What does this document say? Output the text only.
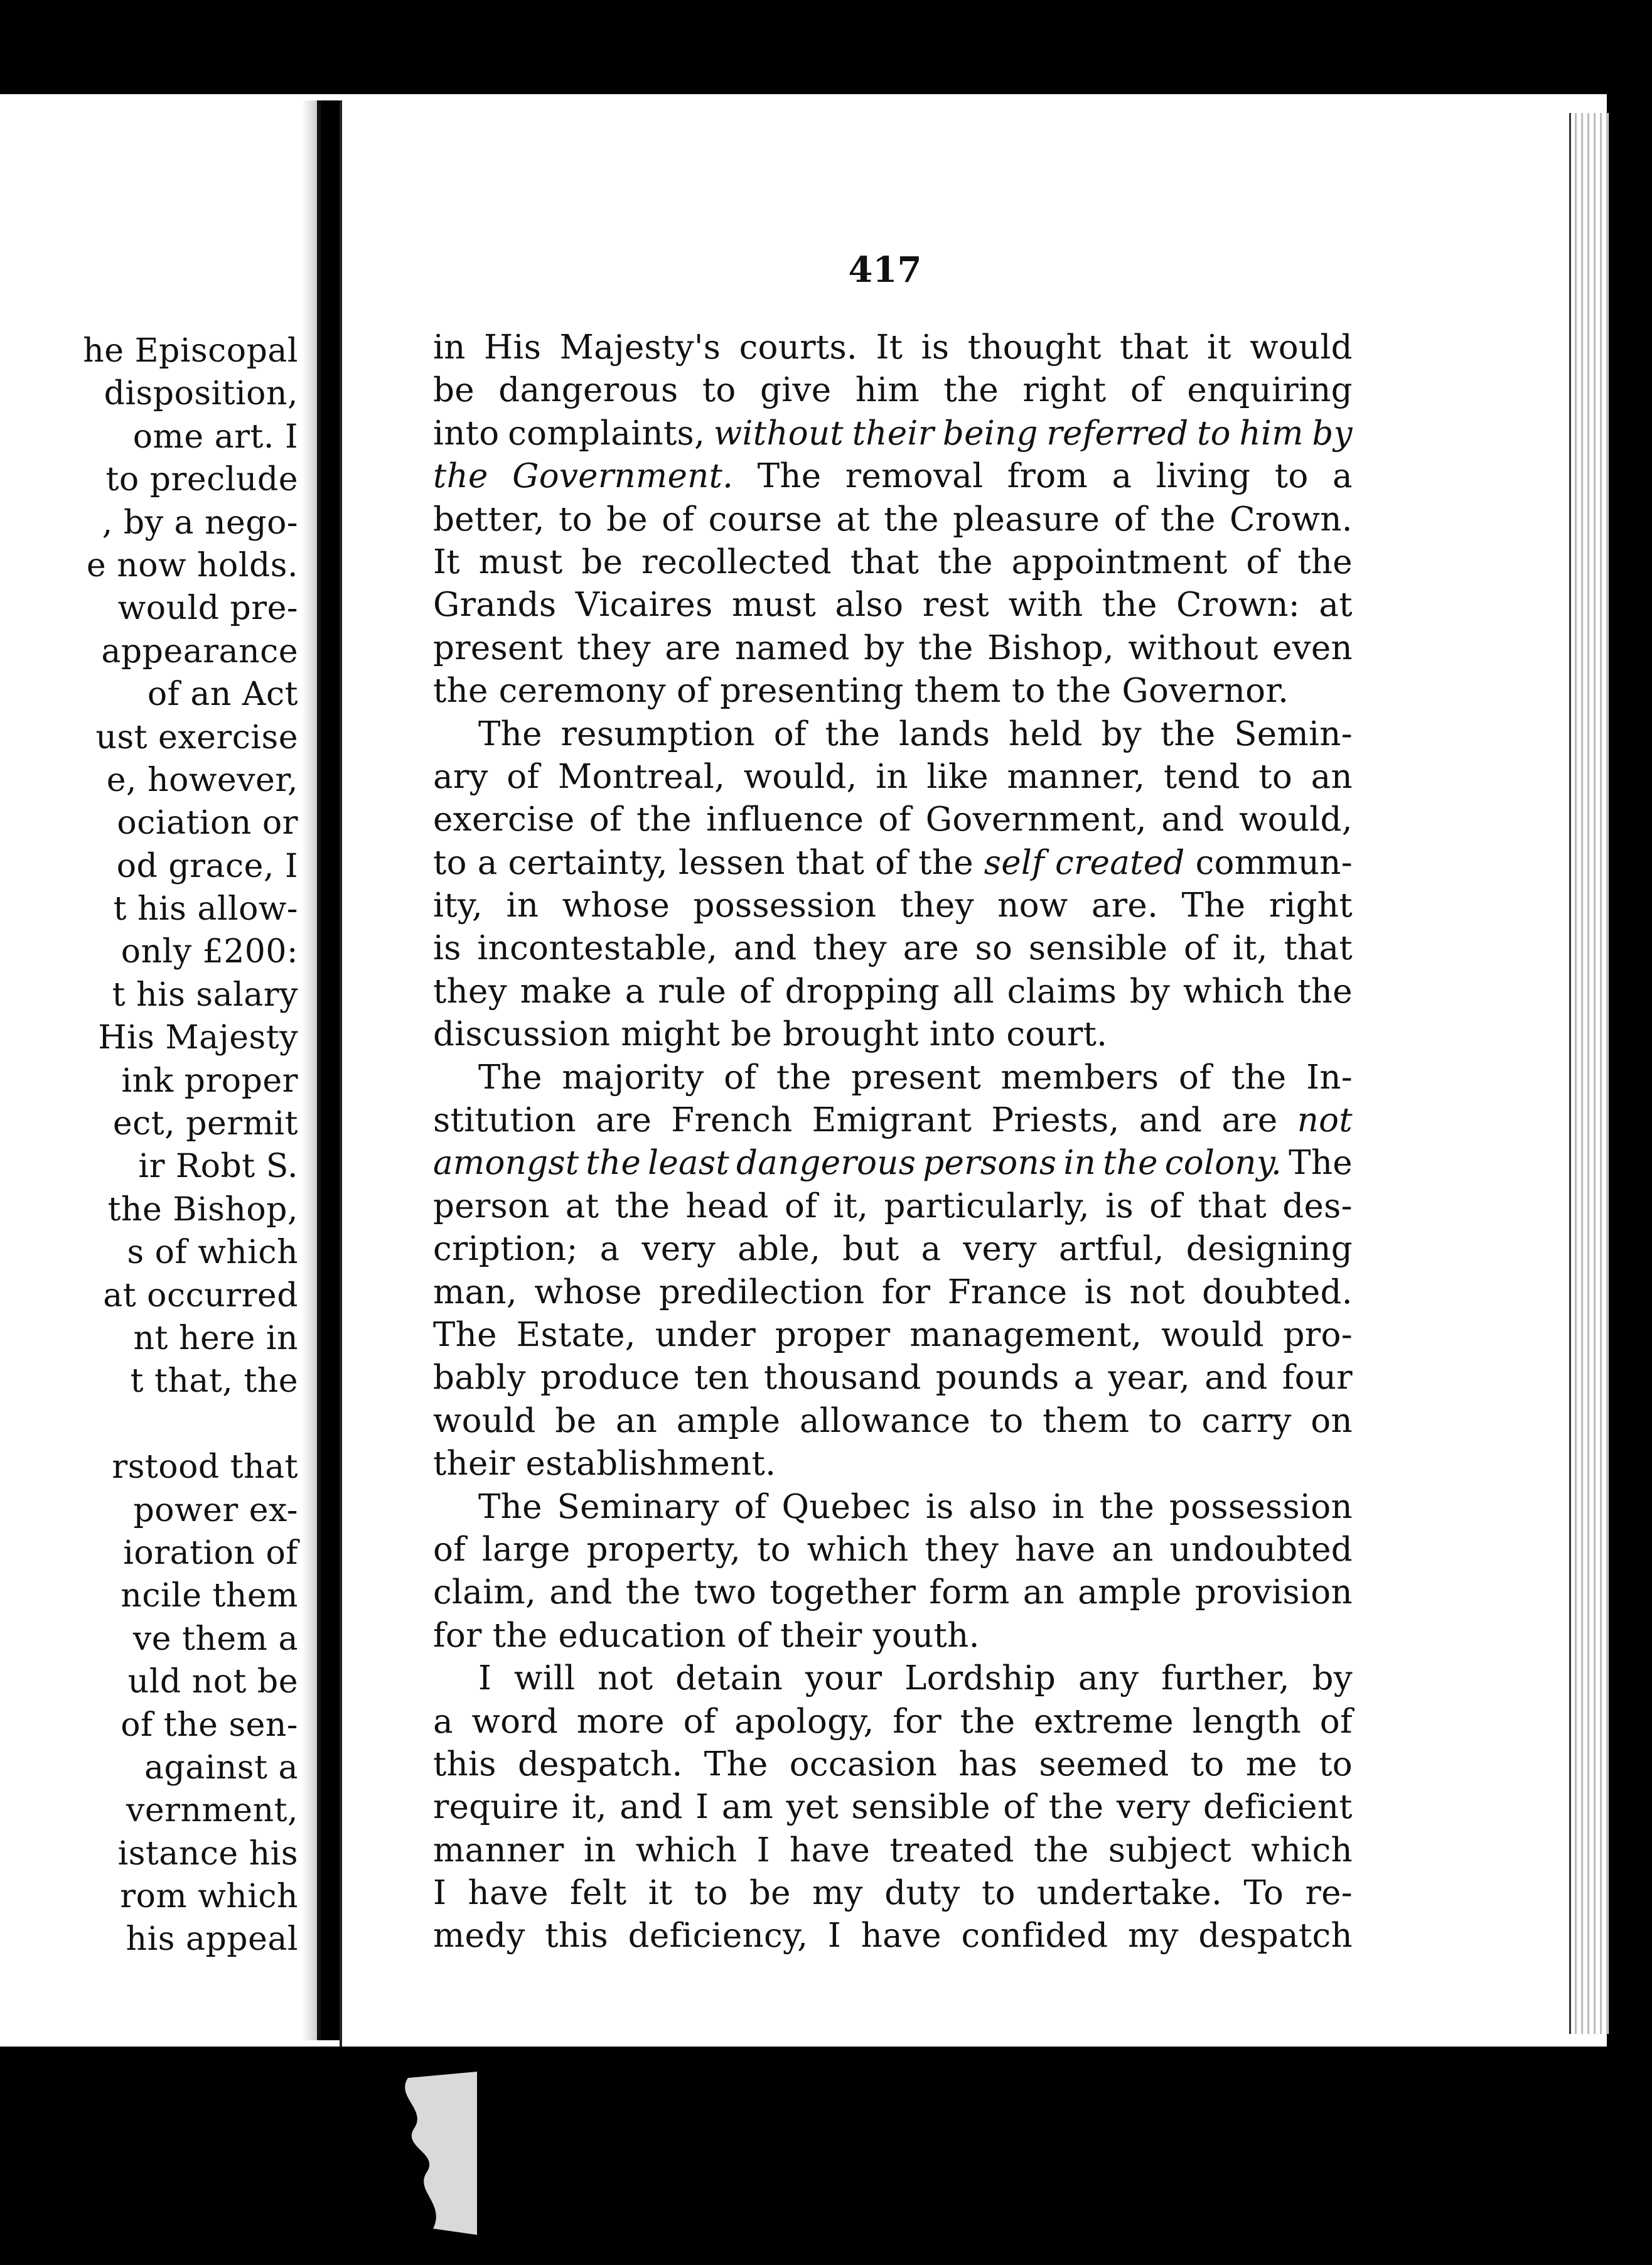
he Episcopal
disposition,
ome art. I
to preclude
, by a nego-
e now holds.
would pre-
appearance
of an Act
ust exercise
e, however,
ociation or
od grace, I
t his allow-
only £200:
t his salary
His Majesty
ink proper
ect, permit
ir Robt S.
the Bishop,
s of which
at occurred
nt here in
t that, the
rstood that
power ex-
ioration of
ncile them
ve them a
uld not be
of the sen-
against a
vernment,
istance his
rom which
his appeal
417
in His Majesty's courts. It is thought that it would
be dangerous to give him the right of enquiring
into complaints, without their being referred to him by
the Government. The removal from a living to a
better, to be of course at the pleasure of the Crown.
It must be recollected that the appointment of the
Grands Vicaires must also rest with the Crown: at
present they are named by the Bishop, without even
the ceremony of presenting them to the Governor.
The resumption of the lands held by the Semin-
ary of Montreal, would, in like manner, tend to an
exercise of the influence of Government, and would,
to a certainty, lessen that of the self created commun-
ity, in whose possession they now are. The right
is incontestable, and they are so sensible of it, that
they make a rule of dropping all claims by which the
discussion might be brought into court.
The majority of the present members of the In-
stitution are French Emigrant Priests, and are not
amongst the least dangerous persons in the colony. The
person at the head of it, particularly, is of that des-
cription; a very able, but a very artful, designing
man, whose predilection for France is not doubted.
The Estate, under proper management, would pro-
bably produce ten thousand pounds a year, and four
would be an ample allowance to them to carry on
their establishment.
The Seminary of Quebec is also in the possession
of large property, to which they have an undoubted
claim, and the two together form an ample provision
for the education of their youth.
I will not detain your Lordship any further, by
a word more of apology, for the extreme length of
this despatch. The occasion has seemed to me to
require it, and I am yet sensible of the very deficient
manner in which I have treated the subject which
I have felt it to be my duty to undertake. To re-
medy this deficiency, I have confided my despatch
